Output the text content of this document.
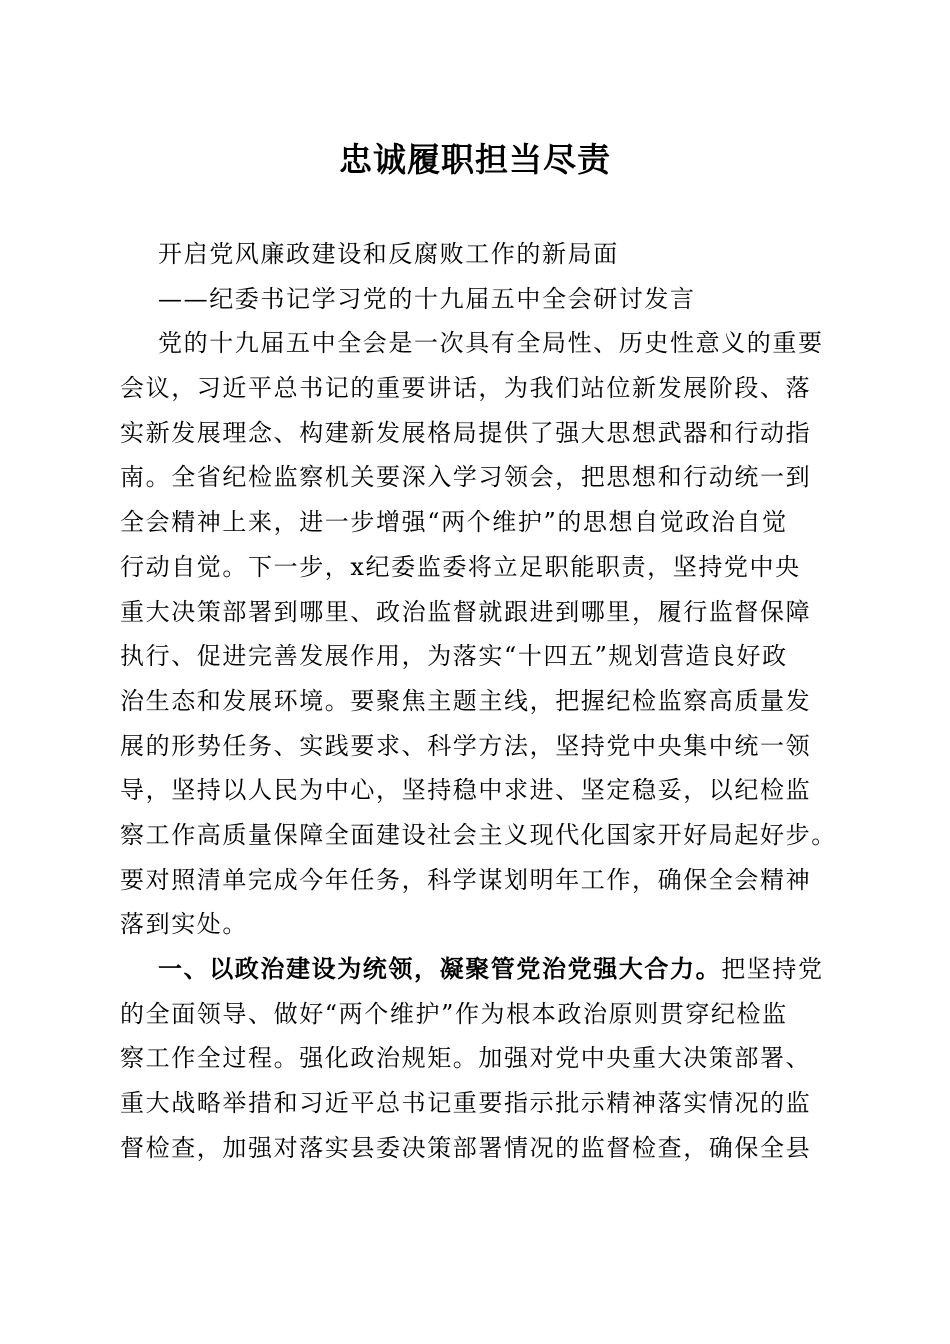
忠诚履职担当尽责
开启党风廉政建设和反腐败工作的新局面
——纪委书记学习党的十九届五中全会研讨发言
党的十九届五中全会是一次具有全局性、历史性意义的重要
会议，习近平总书记的重要讲话，为我们站位新发展阶段、落
实新发展理念、构建新发展格局提供了强大思想武器和行动指
南。全省纪检监察机关要深入学习领会，把思想和行动统一到
全会精神上来，进一步增强“两个维护”的思想自觉政治自觉
行动自觉。下一步，x纪委监委将立足职能职责，坚持党中央
重大决策部署到哪里、政治监督就跟进到哪里，履行监督保障
执行、促进完善发展作用，为落实“十四五”规划营造良好政
治生态和发展环境。要聚焦主题主线，把握纪检监察高质量发
展的形势任务、实践要求、科学方法，坚持党中央集中统一领
导，坚持以人民为中心，坚持稳中求进、坚定稳妥，以纪检监
察工作高质量保障全面建设社会主义现代化国家开好局起好步。
要对照清单完成今年任务，科学谋划明年工作，确保全会精神
落到实处。
一、以政治建设为统领，凝聚管党治党强大合力。把坚持党
的全面领导、做好“两个维护”作为根本政治原则贯穿纪检监
察工作全过程。强化政治规矩。加强对党中央重大决策部署、
重大战略举措和习近平总书记重要指示批示精神落实情况的监
督检查，加强对落实县委决策部署情况的监督检查，确保全县
